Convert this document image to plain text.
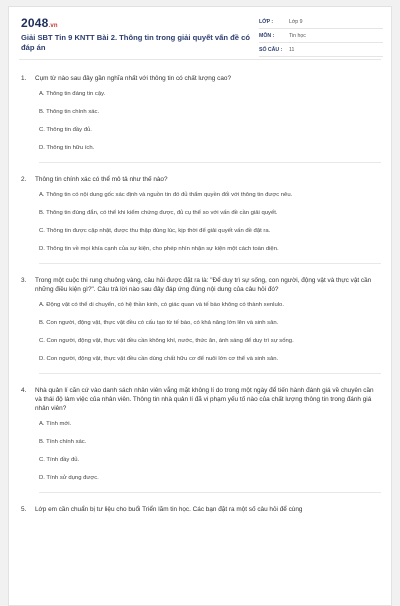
2048.vn
Giải SBT Tin 9 KNTT Bài 2. Thông tin trong giải quyết vấn đề có đáp án
LỚP :	Lớp 9
MÔN :	Tin học
SỐ CÂU :	11
1.	Cụm từ nào sau đây gần nghĩa nhất với thông tin có chất lượng cao?
A. Thông tin đáng tin cậy.
B. Thông tin chính xác.
C. Thông tin đầy đủ.
D. Thông tin hữu ích.
2.	Thông tin chính xác có thể mô tả như thế nào?
A. Thông tin có nội dung gốc xác định và nguồn tin đó đủ thẩm quyền đối với thông tin được nêu.
B. Thông tin đúng đắn, có thể khi kiểm chứng được, đủ cụ thể so với vấn đề cần giải quyết.
C. Thông tin được cập nhật, được thu thập đúng lúc, kịp thời để giải quyết vấn đề đặt ra.
D. Thông tin về mọi khía cạnh của sự kiện, cho phép nhìn nhận sự kiện một cách toàn diện.
3.	Trong một cuộc thi rung chuông vàng, câu hỏi được đặt ra là: "Để duy trì sự sống, con người, động vật và thực vật cần những điều kiện gì?". Câu trả lời nào sau đây đáp ứng đúng nội dung của câu hỏi đó?
A. Động vật có thể di chuyển, có hệ thần kinh, có giác quan và tế bào không có thành xenlulo.
B. Con người, động vật, thực vật đều có cấu tạo từ tế bào, có khả năng lớn lên và sinh sản.
C. Con người, động vật, thực vật đều cần không khí, nước, thức ăn, ánh sáng để duy trì sự sống.
D. Con người, động vật, thực vật đều cần dùng chất hữu cơ để nuôi lớn cơ thể và sinh sản.
4.	Nhà quản lí căn cứ vào danh sách nhân viên vắng mặt không lí do trong một ngày để tiến hành đánh giá về chuyên cần và thái độ làm việc của nhân viên. Thông tin nhà quản lí đã vi phạm yếu tố nào của chất lượng thông tin trong đánh giá nhân viên?
A. Tính mới.
B. Tính chính xác.
C. Tính đầy đủ.
D. Tính sử dụng được.
5.	Lớp em cần chuẩn bị tư liệu cho buổi Triển lãm tin học. Các bạn đặt ra một số câu hỏi để cùng
